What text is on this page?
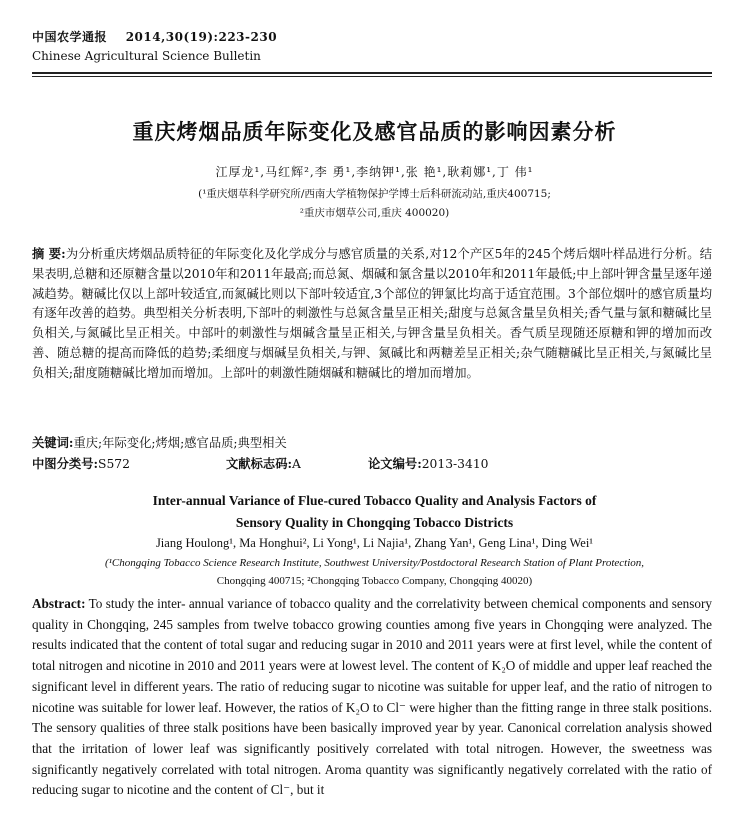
中国农学通报 2014,30(19):223-230
Chinese Agricultural Science Bulletin
重庆烤烟品质年际变化及感官品质的影响因素分析
江厚龙¹,马红辉²,李 勇¹,李纳钾¹,张 艳¹,耿莉娜¹,丁 伟¹
(¹重庆烟草科学研究所/西南大学植物保护学博士后科研流动站,重庆400715;
²重庆市烟草公司,重庆 400020)
摘 要:为分析重庆烤烟品质特征的年际变化及化学成分与感官质量的关系,对12个产区5年的245个烤后烟叶样品进行分析。结果表明,总糖和还原糖含量以2010年和2011年最高;而总氮、烟碱和氯含量以2010年和2011年最低;中上部叶钾含量呈逐年递减趋势。糖碱比仅以上部叶较适宜,而氮碱比则以下部叶较适宜,3个部位的钾氯比均高于适宜范围。3个部位烟叶的感官质量均有逐年改善的趋势。典型相关分析表明,下部叶的刺激性与总氮含量呈正相关;甜度与总氮含量呈负相关;香气量与氯和糖碱比呈负相关,与氮碱比呈正相关。中部叶的刺激性与烟碱含量呈正相关,与钾含量呈负相关。香气质呈现随还原糖和钾的增加而改善、随总糖的提高而降低的趋势;柔细度与烟碱呈负相关,与钾、氮碱比和两糖差呈正相关;杂气随糖碱比呈正相关,与氮碱比呈负相关;甜度随糖碱比增加而增加。上部叶的刺激性随烟碱和糖碱比的增加而增加。
关键词:重庆;年际变化;烤烟;感官品质;典型相关
中图分类号:S572	文献标志码:A	论文编号:2013-3410
Inter-annual Variance of Flue-cured Tobacco Quality and Analysis Factors of
Sensory Quality in Chongqing Tobacco Districts
Jiang Houlong¹, Ma Honghui², Li Yong¹, Li Najia¹, Zhang Yan¹, Geng Lina¹, Ding Wei¹
(¹Chongqing Tobacco Science Research Institute, Southwest University/Postdoctoral Research Station of Plant Protection,
Chongqing 400715; ²Chongqing Tobacco Company, Chongqing 40020)
Abstract: To study the inter- annual variance of tobacco quality and the correlativity between chemical components and sensory quality in Chongqing, 245 samples from twelve tobacco growing counties among five years in Chongqing were analyzed. The results indicated that the content of total sugar and reducing sugar in 2010 and 2011 years were at first level, while the content of total nitrogen and nicotine in 2010 and 2011 years were at lowest level. The content of K₂O of middle and upper leaf reached the significant level in different years. The ratio of reducing sugar to nicotine was suitable for upper leaf, and the ratio of nitrogen to nicotine was suitable for lower leaf. However, the ratios of K₂O to Cl⁻ were higher than the fitting range in three stalk positions. The sensory qualities of three stalk positions have been basically improved year by year. Canonical correlation analysis showed that the irritation of lower leaf was significantly positively correlated with total nitrogen. However, the sweetness was significantly negatively correlated with total nitrogen. Aroma quantity was significantly negatively correlated with the ratio of reducing sugar to nicotine and the content of Cl⁻, but it
